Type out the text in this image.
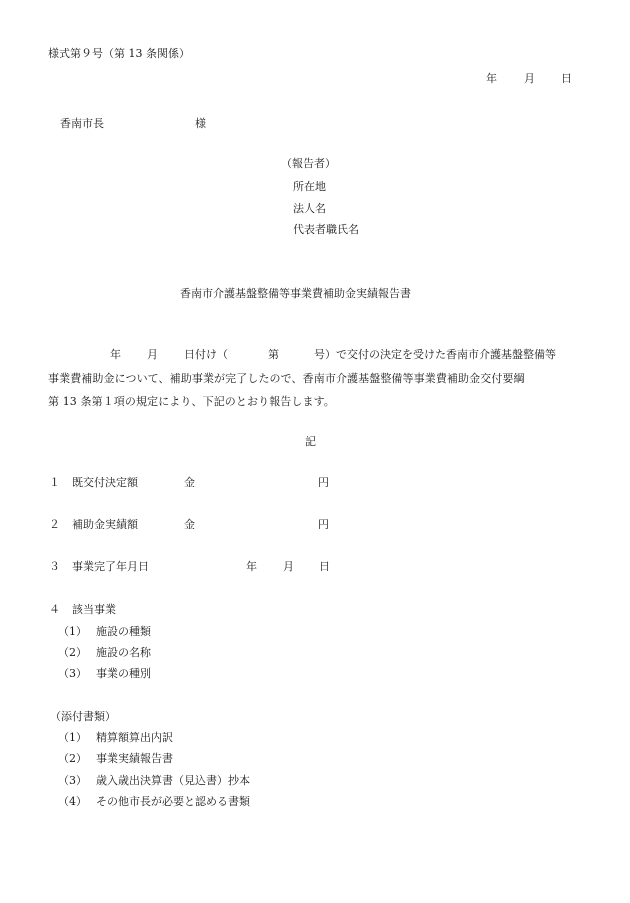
様式第９号（第 13 条関係）
年 月 日
香南市長	様
（報告者）
所在地
法人名
代表者職氏名
香南市介護基盤整備等事業費補助金実績報告書
年 月 日付け（	第	号）で交付の決定を受けた香南市介護基盤整備等
事業費補助金について、補助事業が完了したので、香南市介護基盤整備等事業費補助金交付要綱
第 13 条第１項の規定により、下記のとおり報告します。
記
１ 既交付決定額	金	円
２ 補助金実績額	金	円
３ 事業完了年月日	年 月 日
４ 該当事業
（1） 施設の種類
（2） 施設の名称
（3） 事業の種別
（添付書類）
（1） 精算額算出内訳
（2） 事業実績報告書
（3） 歳入歳出決算書（見込書）抄本
（4） その他市長が必要と認める書類
